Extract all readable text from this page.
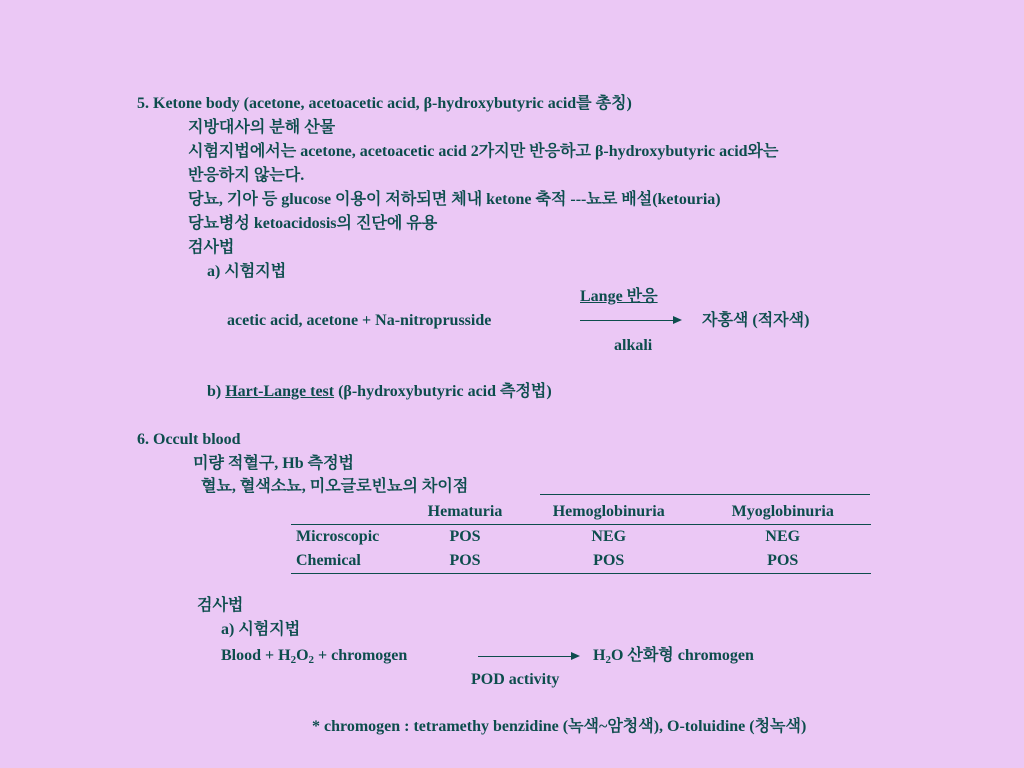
5. Ketone body (acetone, acetoacetic acid, β-hydroxybutyric acid를 총칭)
지방대사의 분해 산물
시험지법에서는 acetone, acetoacetic acid 2가지만 반응하고 β-hydroxybutyric acid와는
반응하지 않는다.
당뇨, 기아 등 glucose 이용이 저하되면 체내 ketone 축적 ---뇨로 배설(ketouria)
당뇨병성 ketoacidosis의 진단에 유용
검사법
a) 시험지법
Lange 반응
acetic acid, acetone + Na-nitroprusside	자홍색 (적자색)
alkali
b) Hart-Lange test (β-hydroxybutyric acid 측정법)
6. Occult blood
미량 적혈구, Hb 측정법
혈뇨, 혈색소뇨, 미오글로빈뇨의 차이점
	Hematuria	Hemoglobinuria	Myoglobinuria
Microscopic	POS	NEG	NEG
Chemical	POS	POS	POS
검사법
a) 시험지법
Blood + $H_2O_2$ + chromogen	$H_2O$ 산화형 chromogen
POD activity
* chromogen : tetramethy benzidine (녹색~암청색), O-toluidine (청녹색)
